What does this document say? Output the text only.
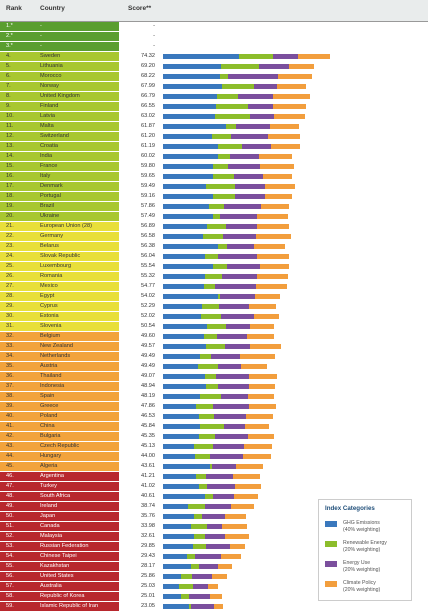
Rank	Country	Score**
1.*	-	-
2.*	-	-
3.*	-	-
4.	Sweden	74.32
5.	Lithuania	69.20
6.	Morocco	68.22
7.	Norway	67.99
8.	United Kingdom	66.79
9.	Finland	66.55
10.	Latvia	63.02
11.	Malta	61.87
12.	Switzerland	61.20
13.	Croatia	61.19
14.	India	60.02
15.	France	59.80
16.	Italy	59.65
17.	Denmark	59.49
18.	Portugal	59.16
19.	Brazil	57.86
20.	Ukraine	57.49
21.	European Union (28)	56.89
22.	Germany	56.58
23.	Belarus	56.38
24.	Slovak Republic	56.04
25.	Luxembourg	55.54
26.	Romania	55.32
27.	Mexico	54.77
28.	Egypt	54.02
29.	Cyprus	52.29
30.	Estonia	52.02
31.	Slovenia	50.54
32.	Belgium	49.60
33.	New Zealand	49.57
34.	Netherlands	49.49
35.	Austria	49.49
36.	Thailand	49.07
37.	Indonesia	48.94
38.	Spain	48.19
39.	Greece	47.86
40.	Poland	46.53
41.	China	45.84
42.	Bulgaria	45.35
43.	Czech Republic	45.13
44.	Hungary	44.00
45.	Algeria	43.61
46.	Argentina	41.21
47.	Turkey	41.02
48.	South Africa	40.61
49.	Ireland	38.74
50.	Japan	35.76
51.	Canada	33.98
52.	Malaysia	32.61
53.	Russian Federation	29.85
54.	Chinese Taipei	29.43
55.	Kazakhstan	28.17
56.	United States	25.86
57.	Australia	25.03
58.	Republic of Korea	25.01
59.	Islamic Republic of Iran	23.05
Index Categories
GHG Emissions
(40% weighting)
Renewable Energy
(20% weighting)
Energy Use
(20% weighting)
Climate Policy
(20% weighting)
